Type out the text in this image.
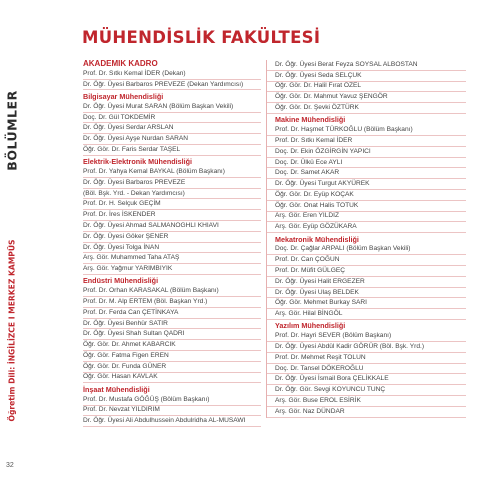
BÖLÜMLER
Öğretim Dili: İNGİLİZCE I MERKEZ KAMPÜS
32
MÜHENDİSLİK FAKÜLTESİ
AKADEMİK KADRO
Prof. Dr. Sıtkı Kemal İDER (Dekan)
Dr. Öğr. Üyesi Barbaros PREVEZE (Dekan Yardımcısı)
Bilgisayar Mühendisliği
Dr. Öğr. Üyesi Murat SARAN (Bölüm Başkan Vekili)
Doç. Dr. Gül TOKDEMİR
Dr. Öğr. Üyesi Serdar ARSLAN
Dr. Öğr. Üyesi Ayşe Nurdan SARAN
Öğr. Gör. Dr. Faris Serdar TAŞEL
Elektrik-Elektronik Mühendisliği
Prof. Dr. Yahya Kemal BAYKAL (Bölüm Başkanı)
Dr. Öğr. Üyesi Barbaros PREVEZE
(Böl. Bşk. Yrd. - Dekan Yardımcısı)
Prof. Dr. H. Selçuk GEÇİM
Prof. Dr. İres İSKENDER
Dr. Öğr. Üyesi Ahmad SALMANOGHLI KHIAVI
Dr. Öğr. Üyesi Göker ŞENER
Dr. Öğr. Üyesi Tolga İNAN
Arş. Gör. Muhammed Taha ATAŞ
Arş. Gör. Yağmur YARIMBIYIK
Endüstri Mühendisliği
Prof. Dr. Orhan KARASAKAL (Bölüm Başkanı)
Prof. Dr. M. Alp ERTEM (Böl. Başkan Yrd.)
Prof. Dr. Ferda Can ÇETİNKAYA
Dr. Öğr. Üyesi Benhür SATIR
Dr. Öğr. Üyesi Shah Sultan QADRI
Öğr. Gör. Dr. Ahmet KABARCIK
Öğr. Gör. Fatma Figen EREN
Öğr. Gör. Dr. Funda GÜNER
Öğr. Gör. Hasan KAVLAK
İnşaat Mühendisliği
Prof. Dr. Mustafa GÖĞÜŞ (Bölüm Başkanı)
Prof. Dr. Nevzat YILDIRIM
Dr. Öğr. Üyesi Ali Abdulhussein Abdulridha AL-MUSAWI
Dr. Öğr. Üyesi Berat Feyza SOYSAL ALBOSTAN
Dr. Öğr. Üyesi Seda SELÇUK
Öğr. Gör. Dr. Halil Fırat ÖZEL
Öğr. Gör. Dr. Mahmut Yavuz ŞENGÖR
Öğr. Gör. Dr. Şevki ÖZTÜRK
Makine Mühendisliği
Prof. Dr. Haşmet TÜRKOĞLU (Bölüm Başkanı)
Prof. Dr. Sıtkı Kemal İDER
Doç. Dr. Ekin ÖZGİRGİN YAPICI
Doç. Dr. Ülkü Ece AYLI
Doç. Dr. Samet AKAR
Dr. Öğr. Üyesi Turgut AKYÜREK
Öğr. Gör. Dr. Eyüp KOÇAK
Öğr. Gör. Onat Halis TOTUK
Arş. Gör. Eren YILDIZ
Arş. Gör. Eyüp GÖZÜKARA
Mekatronik Mühendisliği
Doç. Dr. Çağlar ARPALI (Bölüm Başkan Vekili)
Prof. Dr. Can ÇOĞUN
Prof. Dr. Müfit GÜLGEÇ
Dr. Öğr. Üyesi Halit ERGEZER
Dr. Öğr. Üyesi Ulaş BELDEK
Öğr. Gör. Mehmet Burkay SARI
Arş. Gör. Hilal BİNGÖL
Yazılım Mühendisliği
Prof. Dr. Hayri SEVER (Bölüm Başkanı)
Dr. Öğr. Üyesi Abdül Kadir GÖRÜR (Böl. Bşk. Yrd.)
Prof. Dr. Mehmet Reşit TOLUN
Doç. Dr. Tansel DÖKEROĞLU
Dr. Öğr. Üyesi İsmail Bora ÇELİKKALE
Dr. Öğr. Gör. Sevgi KOYUNCU TUNÇ
Arş. Gör. Buse EROL ESİRİK
Arş. Gör. Naz DÜNDAR
